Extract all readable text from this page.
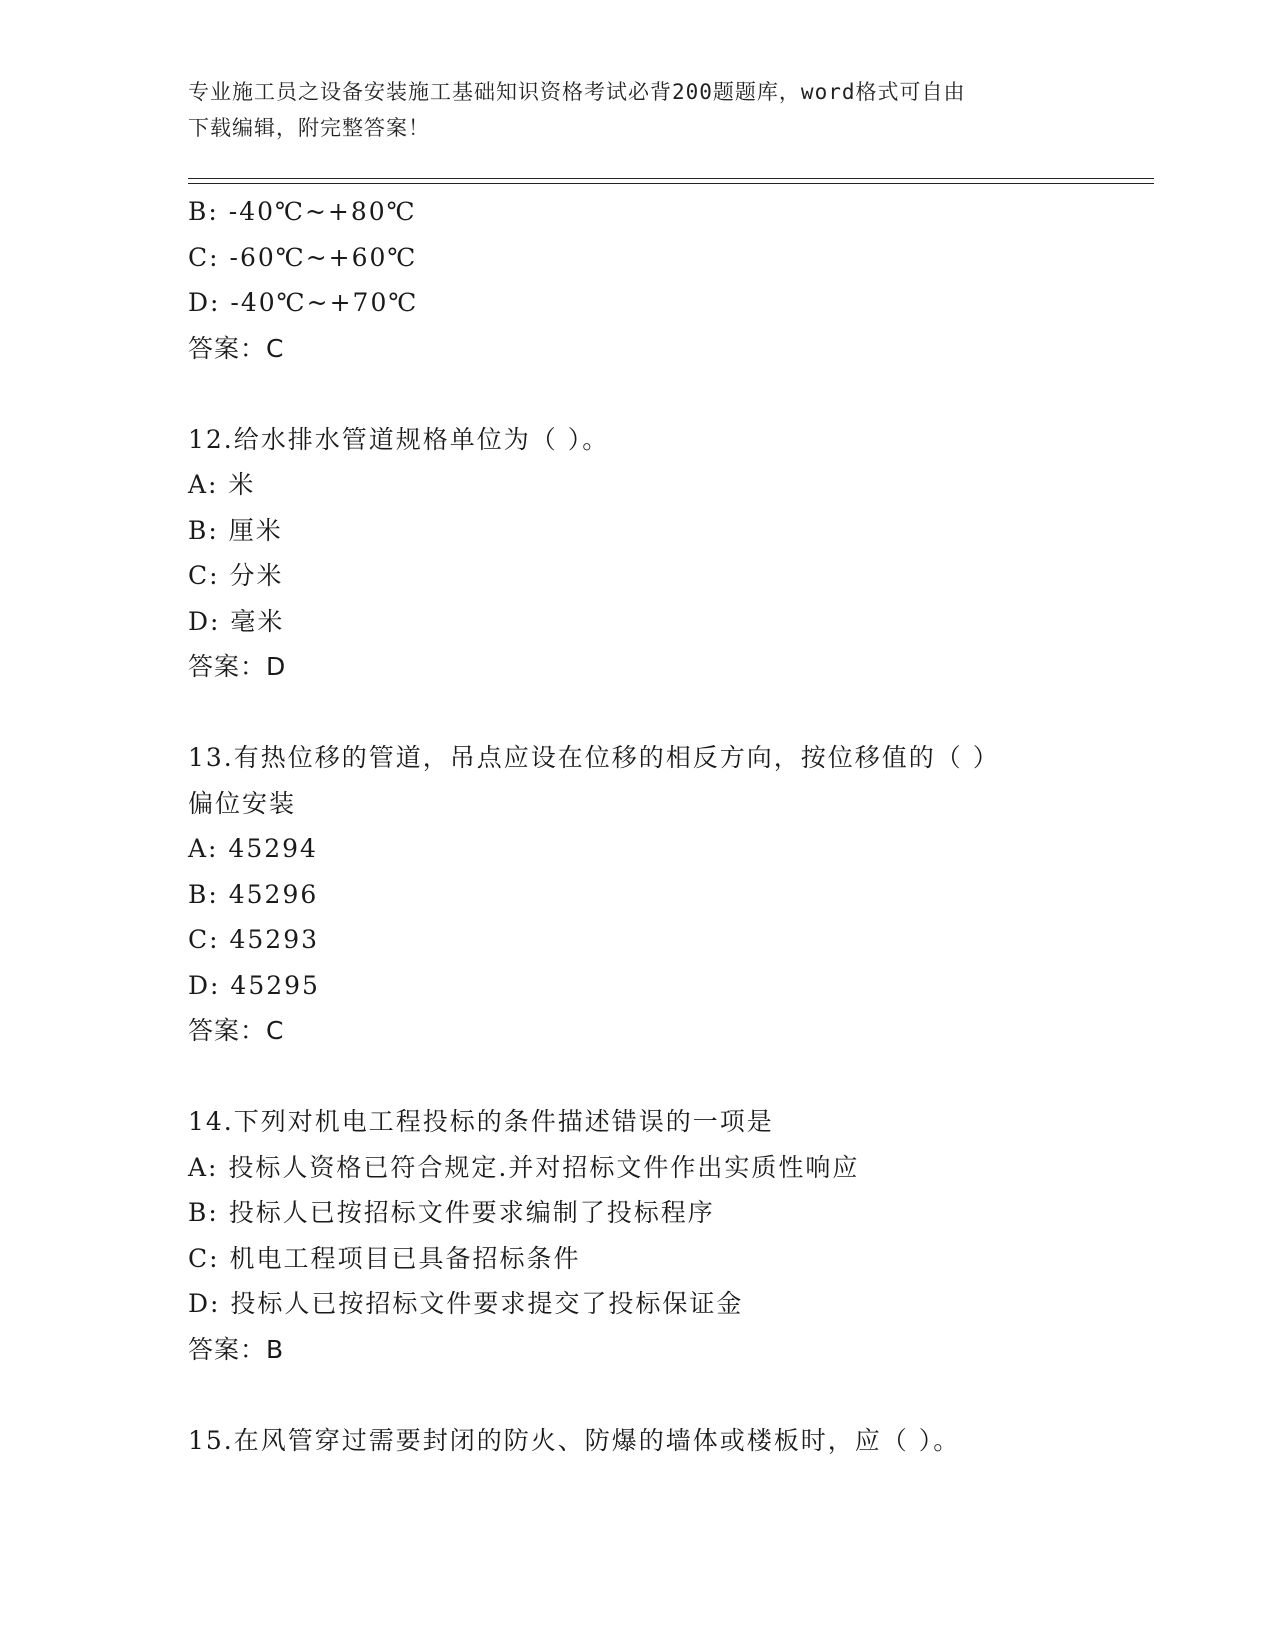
专业施工员之设备安装施工基础知识资格考试必背200题题库，word格式可自由
下载编辑，附完整答案！
B: -40℃~+80℃
C: -60℃~+60℃
D: -40℃~+70℃
答案：C
12.给水排水管道规格单位为（ ）。
A: 米
B: 厘米
C: 分米
D: 毫米
答案：D
13.有热位移的管道，吊点应设在位移的相反方向，按位移值的（ ）
偏位安装
A: 45294
B: 45296
C: 45293
D: 45295
答案：C
14.下列对机电工程投标的条件描述错误的一项是
A: 投标人资格已符合规定.并对招标文件作出实质性响应
B: 投标人已按招标文件要求编制了投标程序
C: 机电工程项目已具备招标条件
D: 投标人已按招标文件要求提交了投标保证金
答案：B
15.在风管穿过需要封闭的防火、防爆的墙体或楼板时，应（ ）。
